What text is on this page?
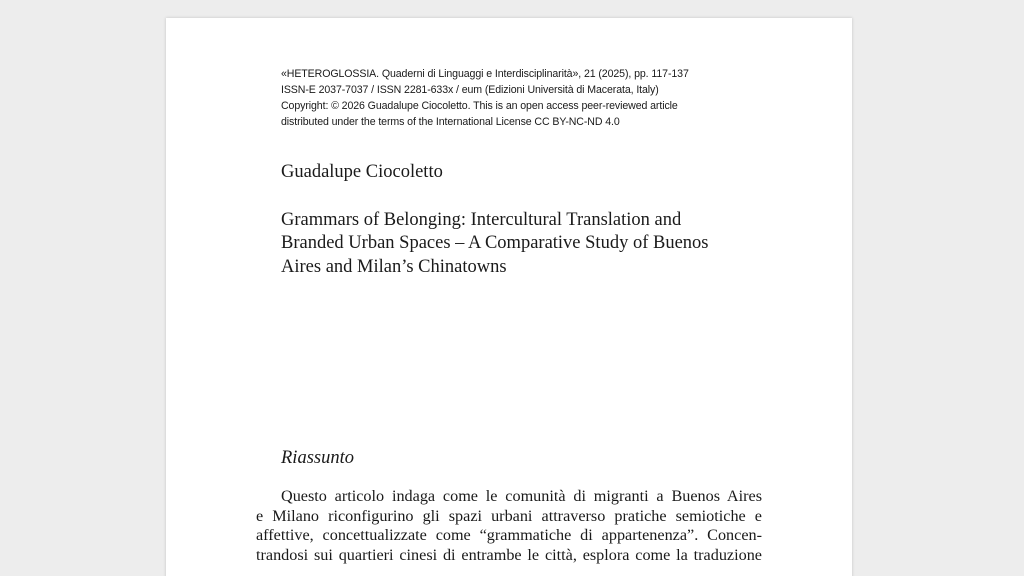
«HETEROGLOSSIA. Quaderni di Linguaggi e Interdisciplinarità», 21 (2025), pp. 117-137
ISSN-E 2037-7037 / ISSN 2281-633x / eum (Edizioni Università di Macerata, Italy)
Copyright: © 2026 Guadalupe Ciocoletto. This is an open access peer-reviewed article
distributed under the terms of the International License CC BY-NC-ND 4.0
Guadalupe Ciocoletto
Grammars of Belonging: Intercultural Translation and
Branded Urban Spaces – A Comparative Study of Buenos
Aires and Milan’s Chinatowns
Riassunto
Questo articolo indaga come le comunità di migranti a Buenos Aires
e Milano riconfigurino gli spazi urbani attraverso pratiche semiotiche e
affettive, concettualizzate come “grammatiche di appartenenza”. Concen-
trandosi sui quartieri cinesi di entrambe le città, esplora come la traduzione
